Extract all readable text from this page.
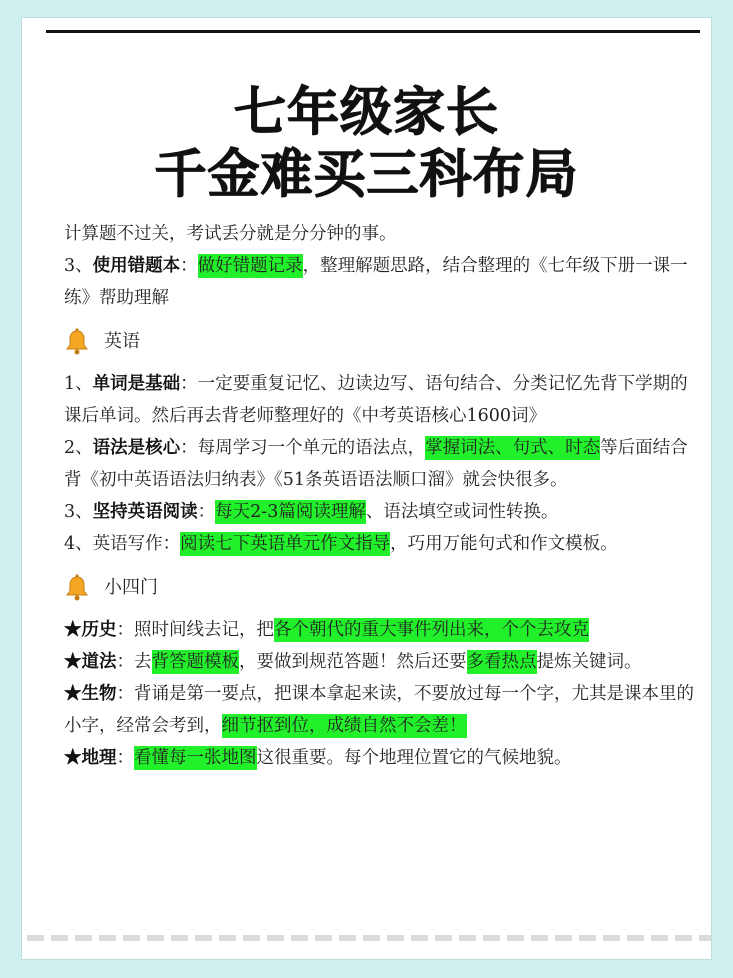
七年级家长
千金难买三科布局

计算题不过关，考试丢分就是分分钟的事。

3、使用错题本：做好错题记录，整理解题思路，结合整理的《七年级下册一课一练》帮助理解

英语

1、单词是基础：一定要重复记忆、边读边写、语句结合、分类记忆先背下学期的课后单词。然后再去背老师整理好的《中考英语核心1600词》

2、语法是核心：每周学习一个单元的语法点，掌握词法、句式、时态等后面结合背《初中英语语法归纳表》《51条英语语法顺口溜》就会快很多。

3、坚持英语阅读：每天2-3篇阅读理解、语法填空或词性转换。

4、英语写作：阅读七下英语单元作文指导，巧用万能句式和作文模板。

小四门

★历史：照时间线去记，把各个朝代的重大事件列出来，个个去攻克

★道法：去背答题模板，要做到规范答题！然后还要多看热点提炼关键词。

★生物：背诵是第一要点，把课本拿起来读，不要放过每一个字，尤其是课本里的小字，经常会考到，细节抠到位，成绩自然不会差！

★地理：看懂每一张地图这很重要。每个地理位置它的气候地貌。
